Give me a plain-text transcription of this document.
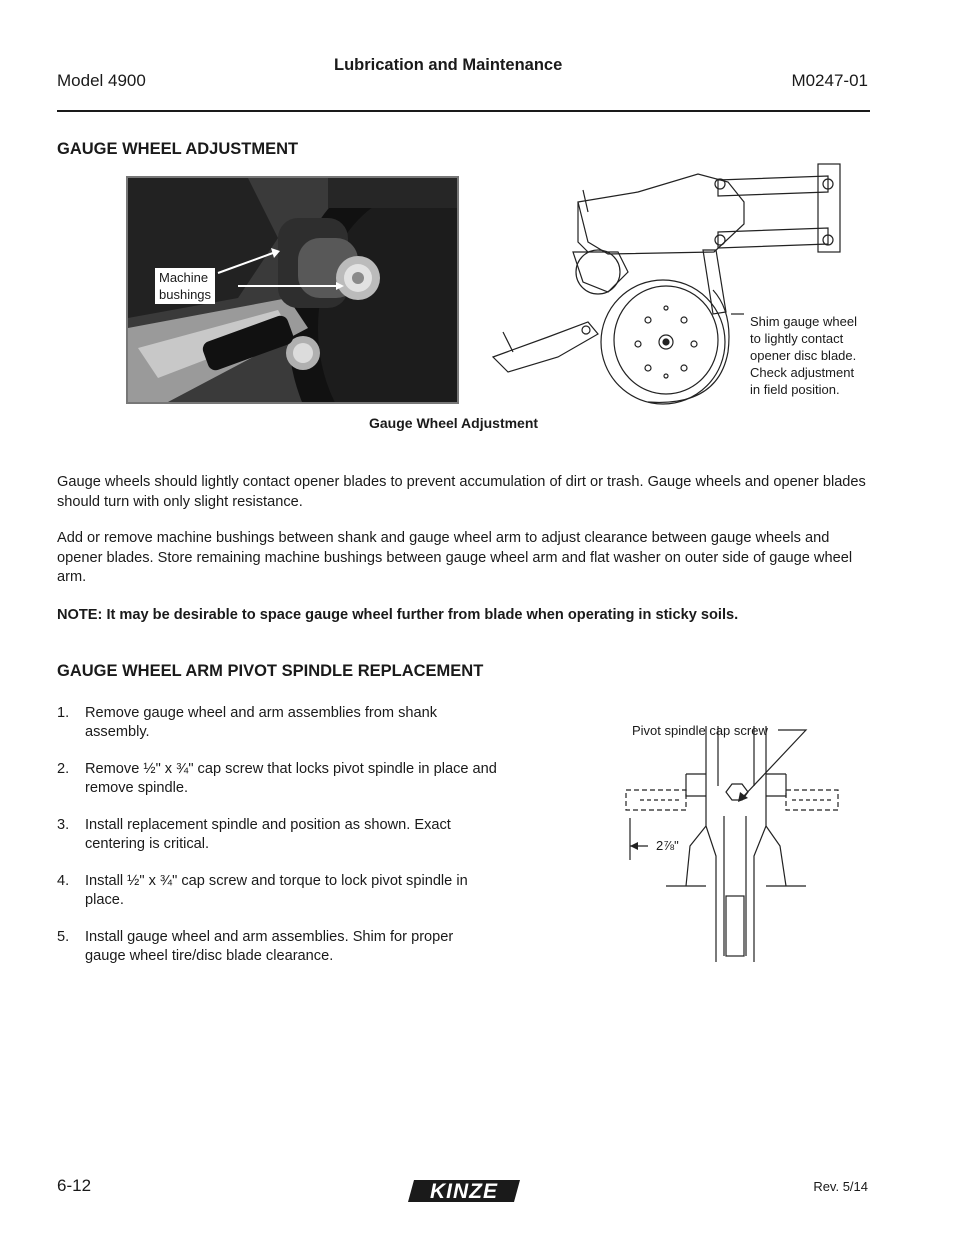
Lubrication and Maintenance
Model 4900	M0247-01
GAUGE WHEEL ADJUSTMENT
Machine
bushings
Shim gauge wheel
to lightly contact
opener disc blade.
Check adjustment
in field position.
Gauge Wheel Adjustment
Gauge wheels should lightly contact opener blades to prevent accumulation of dirt or trash. Gauge wheels and opener blades should turn with only slight resistance.
Add or remove machine bushings between shank and gauge wheel arm to adjust clearance between gauge wheels and opener blades. Store remaining machine bushings between gauge wheel arm and flat washer on outer side of gauge wheel arm.
NOTE: It may be desirable to space gauge wheel further from blade when operating in sticky soils.
GAUGE WHEEL ARM PIVOT SPINDLE REPLACEMENT
1. Remove gauge wheel and arm assemblies from shank assembly.
2. Remove ½" x ¾" cap screw that locks pivot spindle in place and remove spindle.
3. Install replacement spindle and position as shown. Exact centering is critical.
4. Install ½" x ¾" cap screw and torque to lock pivot spindle in place.
5. Install gauge wheel and arm assemblies. Shim for proper gauge wheel tire/disc blade clearance.
Pivot spindle cap screw
2⅞"
6-12	KINZE	Rev. 5/14
